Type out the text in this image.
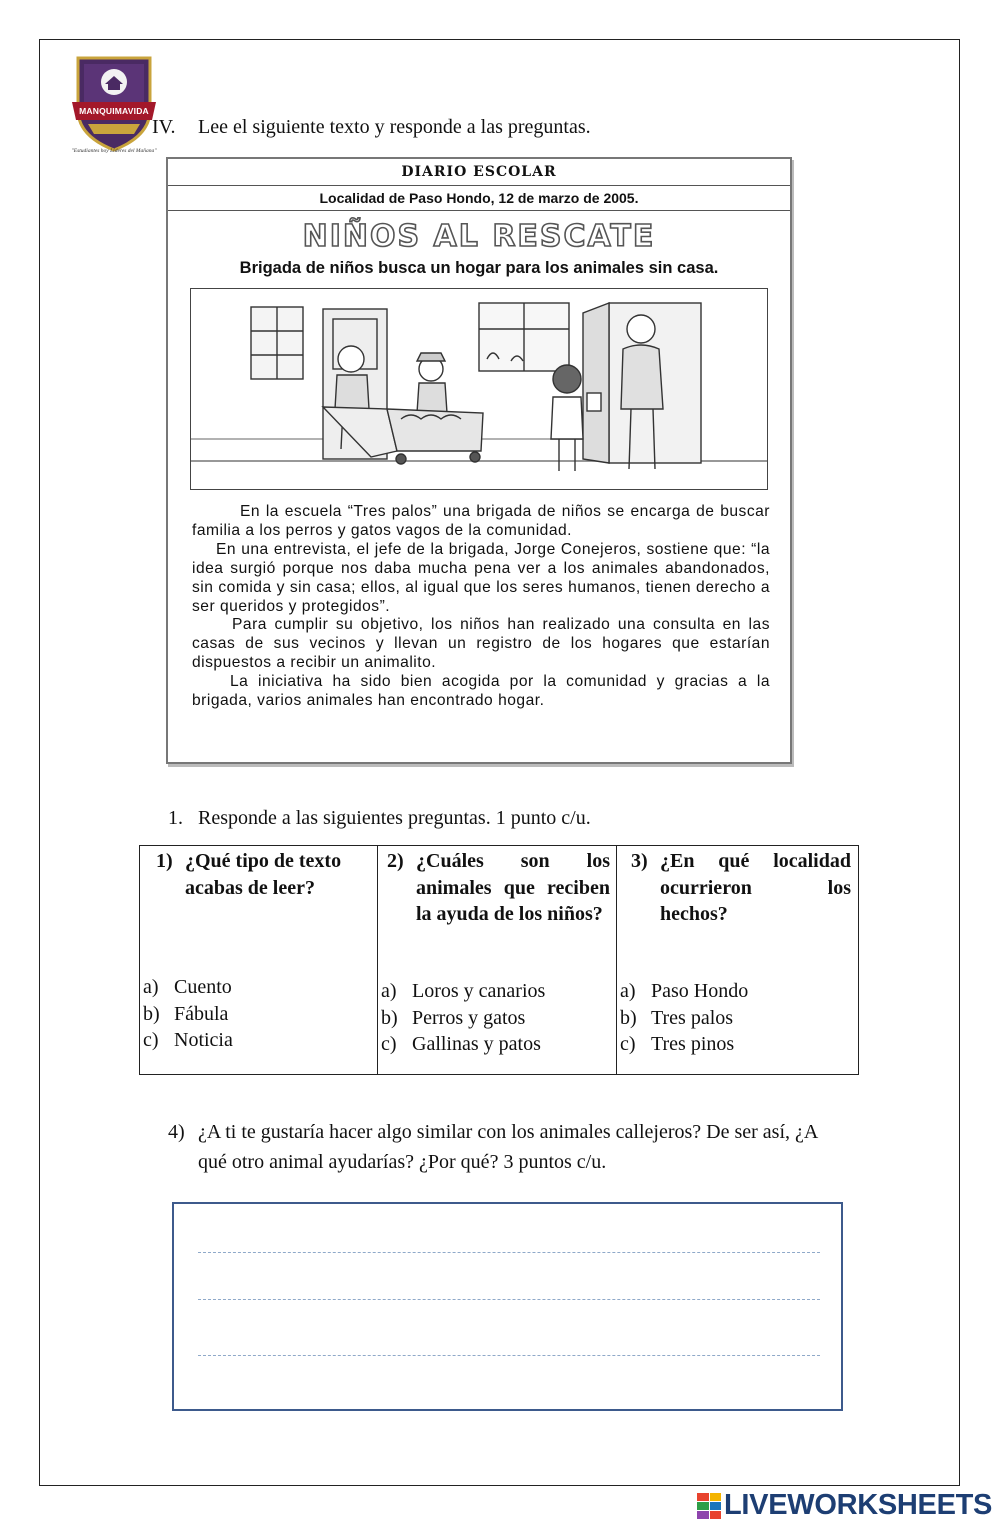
MANQUIMAVIDA
"Estudiantes hoy Líderes del Mañana"
IV. Lee el siguiente texto y responde a las preguntas.
DIARIO ESCOLAR
Localidad de Paso Hondo, 12 de marzo de 2005.
NIÑOS AL RESCATE
Brigada de niños busca un hogar para los animales sin casa.

En la escuela “Tres palos” una brigada de niños se encarga de buscar familia a los perros y gatos vagos de la comunidad.

En una entrevista, el jefe de la brigada, Jorge Conejeros, sostiene que: “la idea surgió porque nos daba mucha pena ver a los animales abandonados, sin comida y sin casa; ellos, al igual que los seres humanos, tienen derecho a ser queridos y protegidos”.

Para cumplir su objetivo, los niños han realizado una consulta en las casas de sus vecinos y llevan un registro de los hogares que estarían dispuestos a recibir un animalito.

La iniciativa ha sido bien acogida por la comunidad y gracias a la brigada, varios animales han encontrado hogar.

1. Responde a las siguientes preguntas. 1 punto c/u.
1) ¿Qué tipo de texto acabas de leer?
a) Cuento
b) Fábula
c) Noticia
2) ¿Cuáles son los animales que reciben la ayuda de los niños?
a) Loros y canarios
b) Perros y gatos
c) Gallinas y patos
3) ¿En qué localidad ocurrieron los hechos?
a) Paso Hondo
b) Tres palos
c) Tres pinos
4) ¿A ti te gustaría hacer algo similar con los animales callejeros? De ser así, ¿A qué otro animal ayudarías? ¿Por qué? 3 puntos c/u.
LIVEWORKSHEETS
